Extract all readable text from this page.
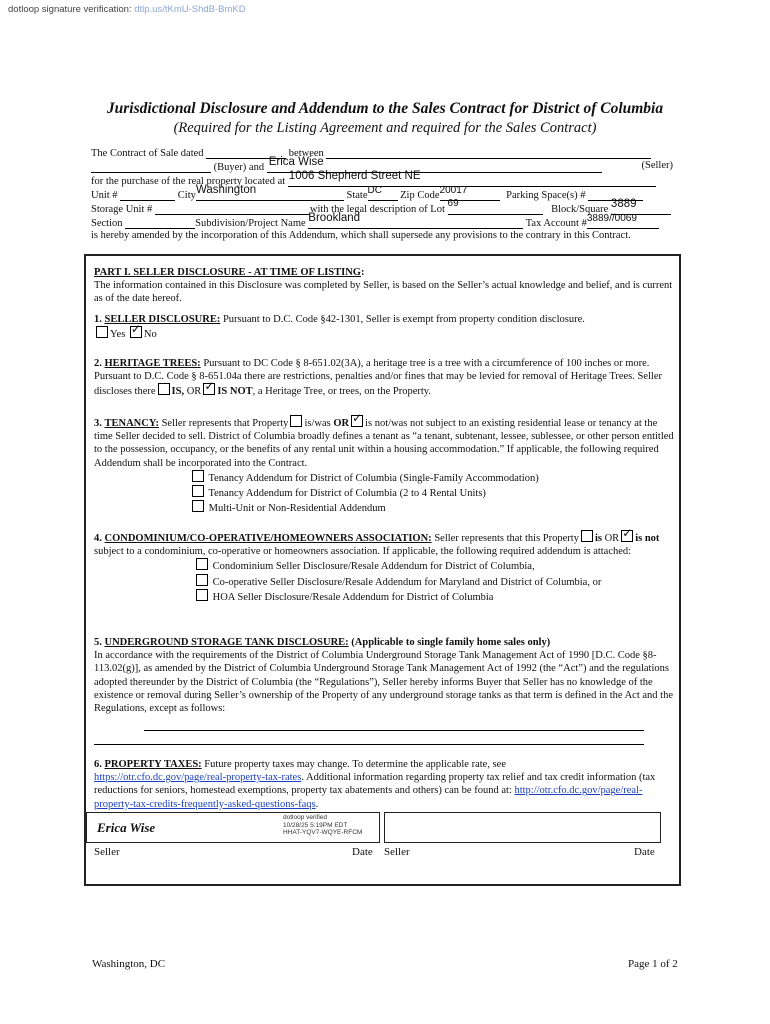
dotloop signature verification: dtlp.us/tKmU-ShdB-BmKD
Jurisdictional Disclosure and Addendum to the Sales Contract for District of Columbia
(Required for the Listing Agreement and required for the Sales Contract)
The Contract of Sale dated	between
(Buyer) and Erica Wise	(Seller)
for the purchase of the real property located at 1006 Shepherd Street NE
Unit #	City Washington	State DC Zip Code 20017	Parking Space(s) #
Storage Unit #	with the legal description of Lot
69
Block/Square 3889
Section	Subdivision/Project Name Brookland	Tax Account # 3889//0069
is hereby amended by the incorporation of this Addendum, which shall supersede any provisions to the contrary in this Contract.
PART I. SELLER DISCLOSURE - AT TIME OF LISTING:
The information contained in this Disclosure was completed by Seller, is based on the Seller’s actual knowledge and belief, and is current as of the date hereof.
1. SELLER DISCLOSURE: Pursuant to D.C. Code §42-1301, Seller is exempt from property condition disclosure.
Yes ✓ No
2. HERITAGE TREES: Pursuant to DC Code § 8-651.02(3A), a heritage tree is a tree with a circumference of 100 inches or more. Pursuant to D.C. Code § 8-651.04a there are restrictions, penalties and/or fines that may be levied for removal of Heritage Trees. Seller discloses there IS, OR ✓ IS NOT, a Heritage Tree, or trees, on the Property.
3. TENANCY: Seller represents that Property is/was OR ✓ is not/was not subject to an existing residential lease or tenancy at the time Seller decided to sell. District of Columbia broadly defines a tenant as “a tenant, subtenant, lessee, sublessee, or other person entitled to the possession, occupancy, or the benefits of any rental unit within a housing accommodation.” If applicable, the following required Addendum shall be incorporated into the Contract.

Tenancy Addendum for District of Columbia (Single-Family Accommodation)
Tenancy Addendum for District of Columbia (2 to 4 Rental Units)
Multi-Unit or Non-Residential Addendum
4. CONDOMINIUM/CO-OPERATIVE/HOMEOWNERS ASSOCIATION: Seller represents that this Property is OR✓ is not subject to a condominium, co-operative or homeowners association. If applicable, the following required addendum is attached:

Condominium Seller Disclosure/Resale Addendum for District of Columbia,
Co-operative Seller Disclosure/Resale Addendum for Maryland and District of Columbia, or
HOA Seller Disclosure/Resale Addendum for District of Columbia
5. UNDERGROUND STORAGE TANK DISCLOSURE: (Applicable to single family home sales only)
In accordance with the requirements of the District of Columbia Underground Storage Tank Management Act of 1990 [D.C. Code §8-113.02(g)], as amended by the District of Columbia Underground Storage Tank Management Act of 1992 (the “Act”) and the regulations adopted thereunder by the District of Columbia (the “Regulations”), Seller hereby informs Buyer that Seller has no knowledge of the existence or removal during Seller’s ownership of the Property of any underground storage tanks as that term is defined in the Act and the Regulations, except as follows:
6. PROPERTY TAXES: Future property taxes may change. To determine the applicable rate, see
https://otr.cfo.dc.gov/page/real-property-tax-rates. Additional information regarding property tax relief and tax credit information (tax reductions for seniors, homestead exemptions, property tax abatements and others) can be found at: http://otr.cfo.dc.gov/page/real-property-tax-credits-frequently-asked-questions-faqs.
Erica Wise
dotloop verified
10/28/25 5:19PM EDT
HHAT-YQV7-WQYE-RFCM
Seller	Date Seller	Date
Washington, DC	Page 1 of 2
